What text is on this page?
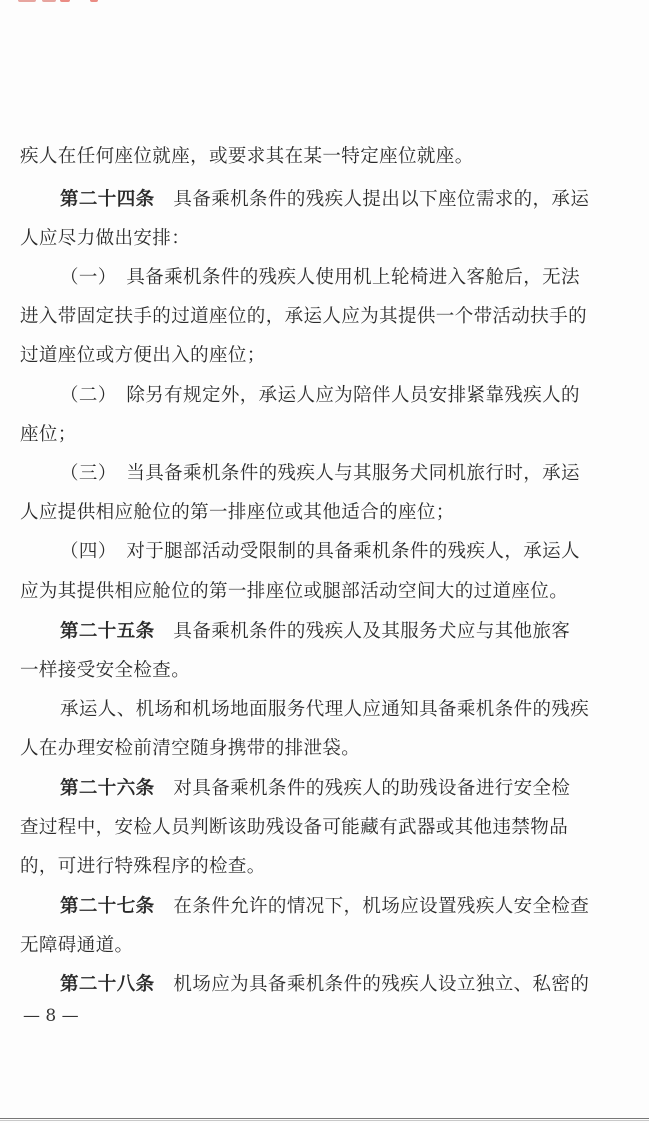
疾人在任何座位就座，或要求其在某一特定座位就座。
第二十四条　具备乘机条件的残疾人提出以下座位需求的，承运
人应尽力做出安排：
（一）　具备乘机条件的残疾人使用机上轮椅进入客舱后，无法
进入带固定扶手的过道座位的，承运人应为其提供一个带活动扶手的
过道座位或方便出入的座位；
（二）　除另有规定外，承运人应为陪伴人员安排紧靠残疾人的
座位；
（三）　当具备乘机条件的残疾人与其服务犬同机旅行时，承运
人应提供相应舱位的第一排座位或其他适合的座位；
（四）　对于腿部活动受限制的具备乘机条件的残疾人，承运人
应为其提供相应舱位的第一排座位或腿部活动空间大的过道座位。
第二十五条　具备乘机条件的残疾人及其服务犬应与其他旅客
一样接受安全检查。
承运人、机场和机场地面服务代理人应通知具备乘机条件的残疾
人在办理安检前清空随身携带的排泄袋。
第二十六条　对具备乘机条件的残疾人的助残设备进行安全检
查过程中，安检人员判断该助残设备可能藏有武器或其他违禁物品
的，可进行特殊程序的检查。
第二十七条　在条件允许的情况下，机场应设置残疾人安全检查
无障碍通道。
第二十八条　机场应为具备乘机条件的残疾人设立独立、私密的
— 8 —
